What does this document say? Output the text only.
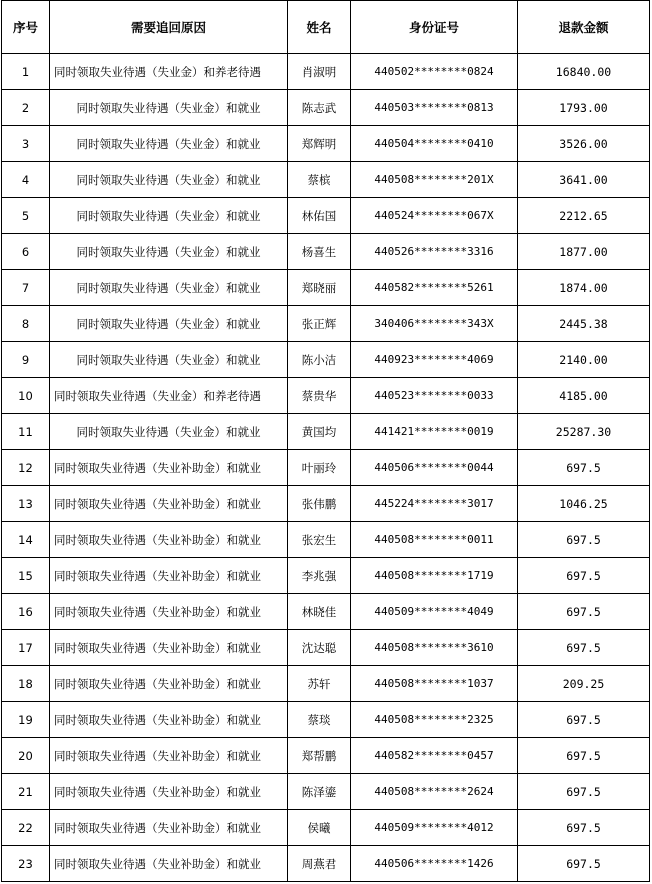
序号	需要追回原因	姓名	身份证号	退款金额
1	同时领取失业待遇（失业金）和养老待遇	肖淑明	440502********0824	16840.00
2	同时领取失业待遇（失业金）和就业	陈志武	440503********0813	1793.00
3	同时领取失业待遇（失业金）和就业	郑辉明	440504********0410	3526.00
4	同时领取失业待遇（失业金）和就业	蔡槟	440508********201X	3641.00
5	同时领取失业待遇（失业金）和就业	林佑国	440524********067X	2212.65
6	同时领取失业待遇（失业金）和就业	杨喜生	440526********3316	1877.00
7	同时领取失业待遇（失业金）和就业	郑晓丽	440582********5261	1874.00
8	同时领取失业待遇（失业金）和就业	张正辉	340406********343X	2445.38
9	同时领取失业待遇（失业金）和就业	陈小洁	440923********4069	2140.00
10	同时领取失业待遇（失业金）和养老待遇	蔡贵华	440523********0033	4185.00
11	同时领取失业待遇（失业金）和就业	黄国均	441421********0019	25287.30
12	同时领取失业待遇（失业补助金）和就业	叶丽玲	440506********0044	697.5
13	同时领取失业待遇（失业补助金）和就业	张伟鹏	445224********3017	1046.25
14	同时领取失业待遇（失业补助金）和就业	张宏生	440508********0011	697.5
15	同时领取失业待遇（失业补助金）和就业	李兆强	440508********1719	697.5
16	同时领取失业待遇（失业补助金）和就业	林晓佳	440509********4049	697.5
17	同时领取失业待遇（失业补助金）和就业	沈达聪	440508********3610	697.5
18	同时领取失业待遇（失业补助金）和就业	苏轩	440508********1037	209.25
19	同时领取失业待遇（失业补助金）和就业	蔡琰	440508********2325	697.5
20	同时领取失业待遇（失业补助金）和就业	郑帮鹏	440582********0457	697.5
21	同时领取失业待遇（失业补助金）和就业	陈泽鎏	440508********2624	697.5
22	同时领取失业待遇（失业补助金）和就业	侯曦	440509********4012	697.5
23	同时领取失业待遇（失业补助金）和就业	周燕君	440506********1426	697.5
